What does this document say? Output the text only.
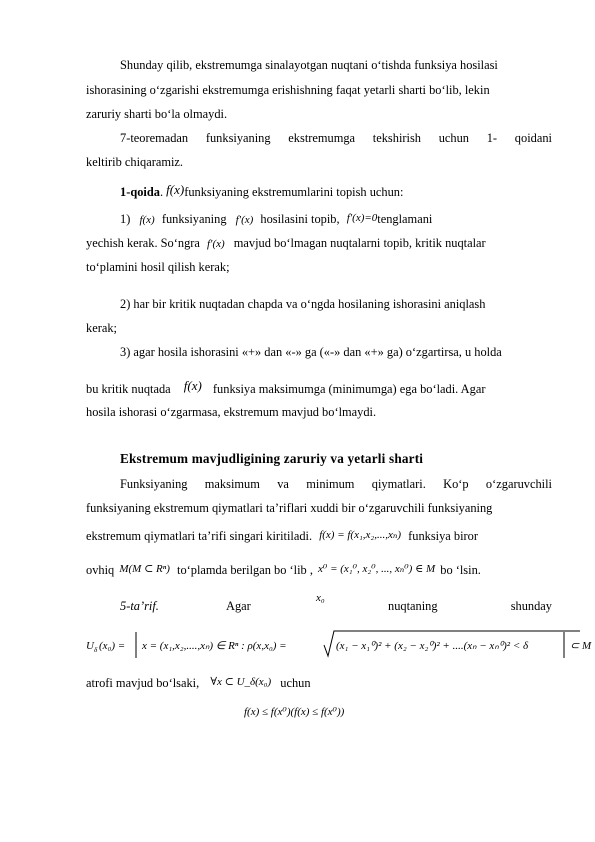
Shunday qilib, ekstremumga sinalayotgan nuqtani o‘tishda funksiya hosilasi
ishorasining o‘zgarishi ekstremumga erishishning faqat yetarli sharti bo‘lib, lekin
zaruriy sharti bo‘la olmaydi.
7-teoremadan funksiyaning ekstremumga tekshirish uchun 1- qoidani
keltirib chiqaramiz.
1-qoida. f(x)funksiyaning ekstremumlarini topish uchun:
1) f(x) funksiyaning f′(x) hosilasini topib, f′(x)=0tenglamani
yechish kerak. So‘ngra f′(x) mavjud bo‘lmagan nuqtalarni topib, kritik nuqtalar
to‘plamini hosil qilish kerak;
2) har bir kritik nuqtadan chapda va o‘ngda hosilaning ishorasini aniqlash
kerak;
3) agar hosila ishorasini «+» dan «-» ga («-» dan «+» ga) o‘zgartirsa, u holda
bu kritik nuqtada f(x) funksiya maksimumga (minimumga) ega bo‘ladi. Agar
hosila ishorasi o‘zgarmasa, ekstremum mavjud bo‘lmaydi.
Ekstremum mavjudligining zaruriy va yetarli sharti
Funksiyaning maksimum va minimum qiymatlari. Ko‘p o‘zgaruvchili
funksiyaning ekstremum qiymatlari ta’riflari xuddi bir o‘zgaruvchili funksiyaning
ekstremum qiymatlari ta’rifi singari kiritiladi. f(x) = f(x₁,x₂,...,xₙ) funksiya biror
ovhiq M(M ⊂ Rⁿ) to‘plamda berilgan bo ‘lib , x⁰ = (x₁⁰, x₂⁰, ..., xₙ⁰) ∈ M bo ‘lsin.
5-ta’rif.	Agar
x₀
nuqtaning	shunday
U δ (x₀) = x = (x₁,x₂,....,xₙ) ∈ Rⁿ : ρ(x,x₀) =	(x₁ − x₁⁰)² + (x₂ − x₂⁰)² + ....(xₙ − xₙ⁰)² < δ	⊂ M
atrofi mavjud bo‘lsaki, ∀x ⊂ U_δ(x₀) uchun
f(x) ≤ f(x⁰)(f(x) ≤ f(x⁰))
